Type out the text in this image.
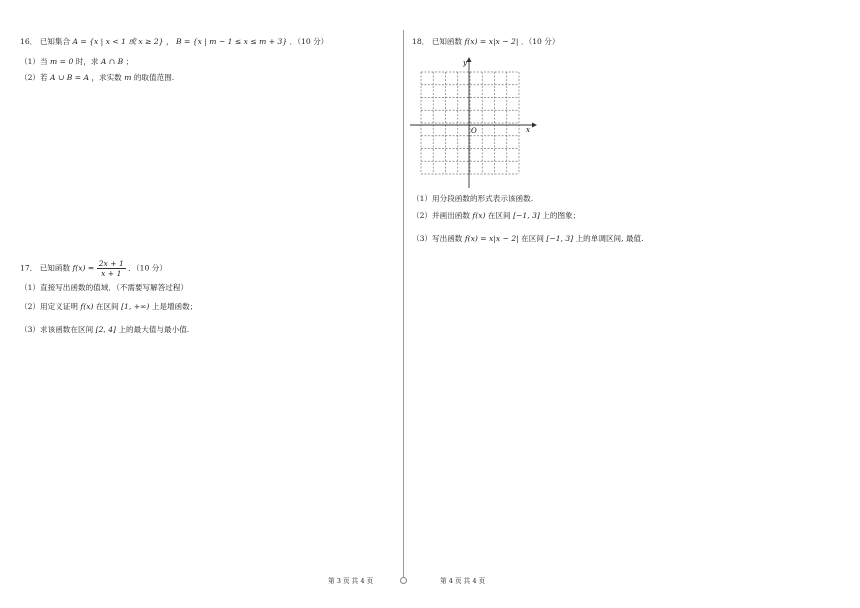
16． 已知集合 A = {x | x < 1 或 x ≥ 2} ， B = {x | m − 1 ≤ x ≤ m + 3} ．（10 分）
（1）当 m = 0 时，求 A ∩ B ；
（2）若 A ∪ B = A ，求实数 m 的取值范围.
17． 已知函数 $f(x) = \frac{2x + 1}{x + 1}$ ．（10 分）
（1）直接写出函数的值域．（不需要写解答过程）
（2）用定义证明 f(x) 在区间 [1, +∞) 上是增函数；
（3）求该函数在区间 [2, 4] 上的最大值与最小值.
第 3 页 共 4 页
18． 已知函数 f(x) = x|x − 2| ．（10 分）
y
x
O
（1）用分段函数的形式表示该函数.
（2）并画出函数 f(x) 在区间 [−1, 3] 上的图象；
（3）写出函数 f(x) = x|x − 2| 在区间 [−1, 3] 上的单调区间, 最值.
第 4 页 共 4 页
